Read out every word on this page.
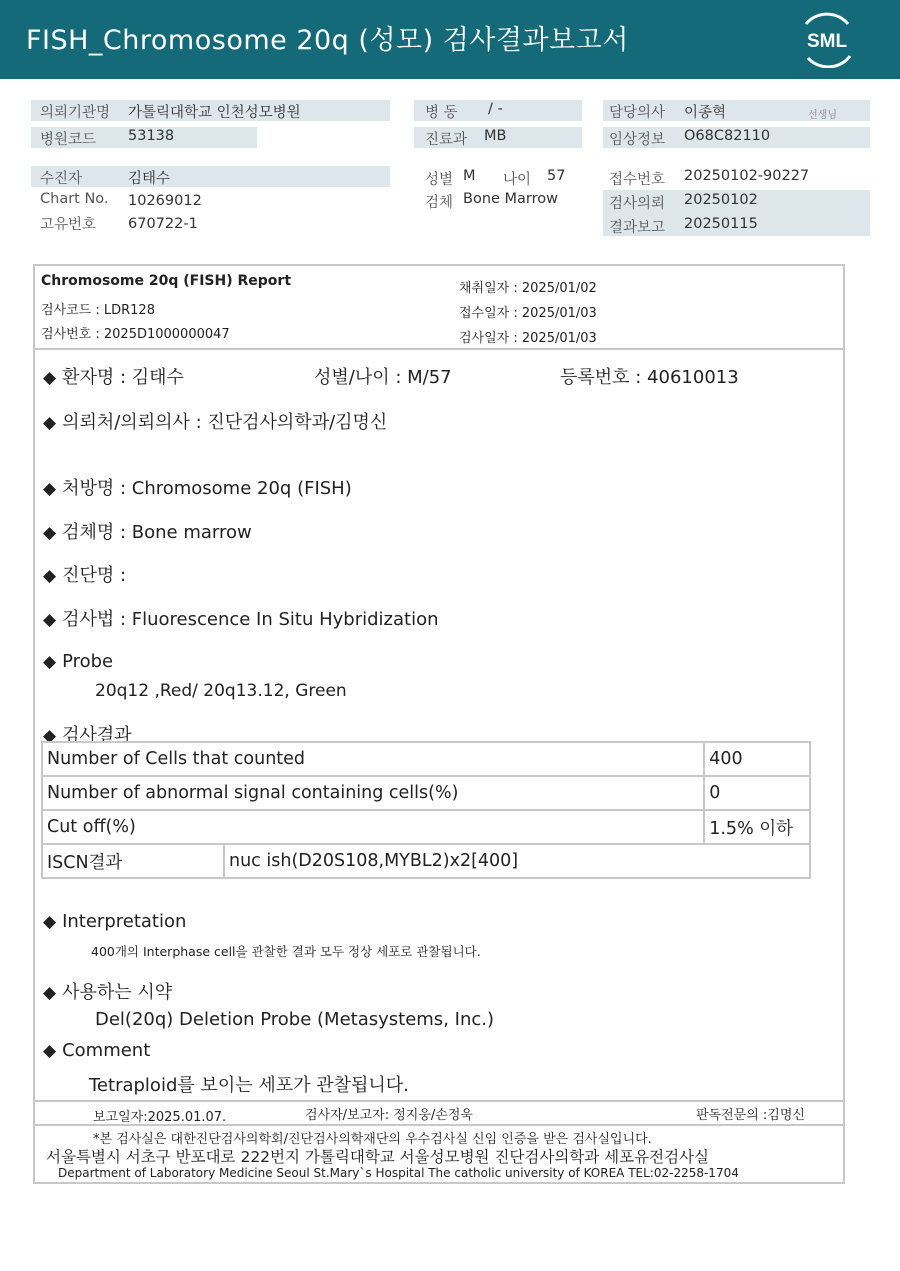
FISH_Chromosome 20q (성모) 검사결과보고서	SML
의뢰기관명 가톨릭대학교 인천성모병원
병원코드 53138
병 동 / -
진료과 MB
담당의사 이종혁	선생님
임상정보 O68C82110
수진자	김태수
Chart No. 10269012
고유번호 670722-1
성별 M 나이 57
검체 Bone Marrow
접수번호 20250102-90227
검사의뢰 20250102
결과보고 20250115
Chromosome 20q (FISH) Report
검사코드 : LDR128
검사번호 : 2025D1000000047
채취일자 : 2025/01/02
접수일자 : 2025/01/03
검사일자 : 2025/01/03
◆ 환자명 : 김태수	성별/나이 : M/57	등록번호 : 40610013
◆ 의뢰처/의뢰의사 : 진단검사의학과/김명신
◆ 처방명 : Chromosome 20q (FISH)
◆ 검체명 : Bone marrow
◆ 진단명 :
◆ 검사법 : Fluorescence In Situ Hybridization
◆ Probe
20q12 ,Red/ 20q13.12, Green
◆ 검사결과
Number of Cells that counted		400
Number of abnormal signal containing cells(%)		0
Cut off(%)		1.5% 이하
ISCN결과	nuc ish(D20S108,MYBL2)x2[400]	
◆ Interpretation
400개의 Interphase cell을 관찰한 결과 모두 정상 세포로 관찰됩니다.
◆ 사용하는 시약
Del(20q) Deletion Probe (Metasystems, Inc.)
◆ Comment
Tetraploid를 보이는 세포가 관찰됩니다.
보고일자:2025.01.07.	검사자/보고자: 정지웅/손정욱	판독전문의 :김명신
*본 검사실은 대한진단검사의학회/진단검사의학재단의 우수검사실 신임 인증을 받은 검사실입니다.
서울특별시 서초구 반포대로 222번지 가톨릭대학교 서울성모병원 진단검사의학과 세포유전검사실
Department of Laboratory Medicine Seoul St.Mary`s Hospital The catholic university of KOREA TEL:02-2258-1704
